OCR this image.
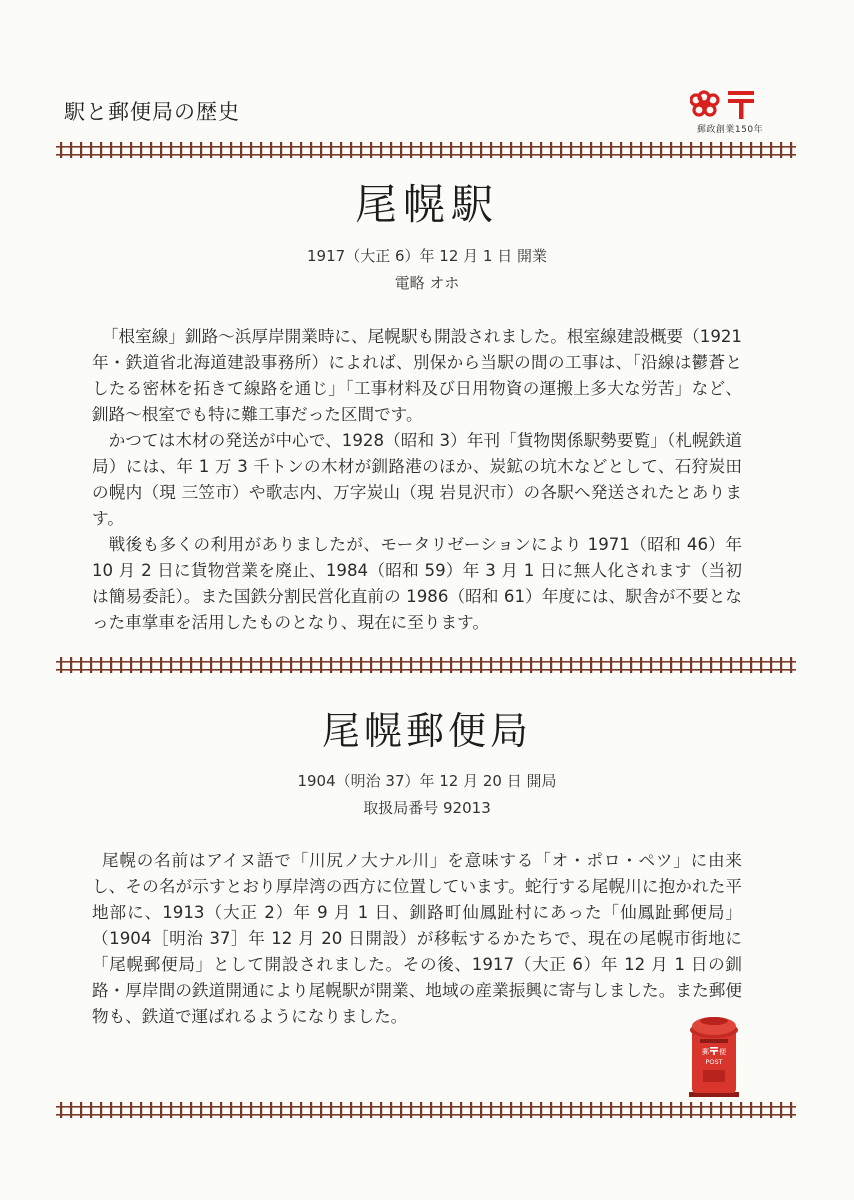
駅と郵便局の歴史
郵政創業150年
尾幌駅
1917（大正 6）年 12 月 1 日 開業
電略 オホ

「根室線」釧路〜浜厚岸開業時に、尾幌駅も開設されました。根室線建設概要（1921 年・鉄道省北海道建設事務所）によれば、別保から当駅の間の工事は、「沿線は鬱蒼としたる密林を拓きて線路を通じ」「工事材料及び日用物資の運搬上多大な労苦」など、釧路〜根室でも特に難工事だった区間です。

かつては木材の発送が中心で、1928（昭和 3）年刊「貨物関係駅勢要覧」（札幌鉄道局）には、年 1 万 3 千トンの木材が釧路港のほか、炭鉱の坑木などとして、石狩炭田の幌内（現 三笠市）や歌志内、万字炭山（現 岩見沢市）の各駅へ発送されたとあります。

戦後も多くの利用がありましたが、モータリゼーションにより 1971（昭和 46）年 10 月 2 日に貨物営業を廃止、1984（昭和 59）年 3 月 1 日に無人化されます（当初は簡易委託）。また国鉄分割民営化直前の 1986（昭和 61）年度には、駅舎が不要となった車掌車を活用したものとなり、現在に至ります。

尾幌郵便局
1904（明治 37）年 12 月 20 日 開局
取扱局番号 92013

尾幌の名前はアイヌ語で「川尻ノ大ナル川」を意味する「オ・ポロ・ペツ」に由来し、その名が示すとおり厚岸湾の西方に位置しています。蛇行する尾幌川に抱かれた平地部に、1913（大正 2）年 9 月 1 日、釧路町仙鳳趾村にあった「仙鳳趾郵便局」（1904［明治 37］年 12 月 20 日開設）が移転するかたちで、現在の尾幌市街地に「尾幌郵便局」として開設されました。その後、1917（大正 6）年 12 月 1 日の釧路・厚岸間の鉄道開通により尾幌駅が開業、地域の産業振興に寄与しました。また郵便物も、鉄道で運ばれるようになりました。

郵 便
POST
